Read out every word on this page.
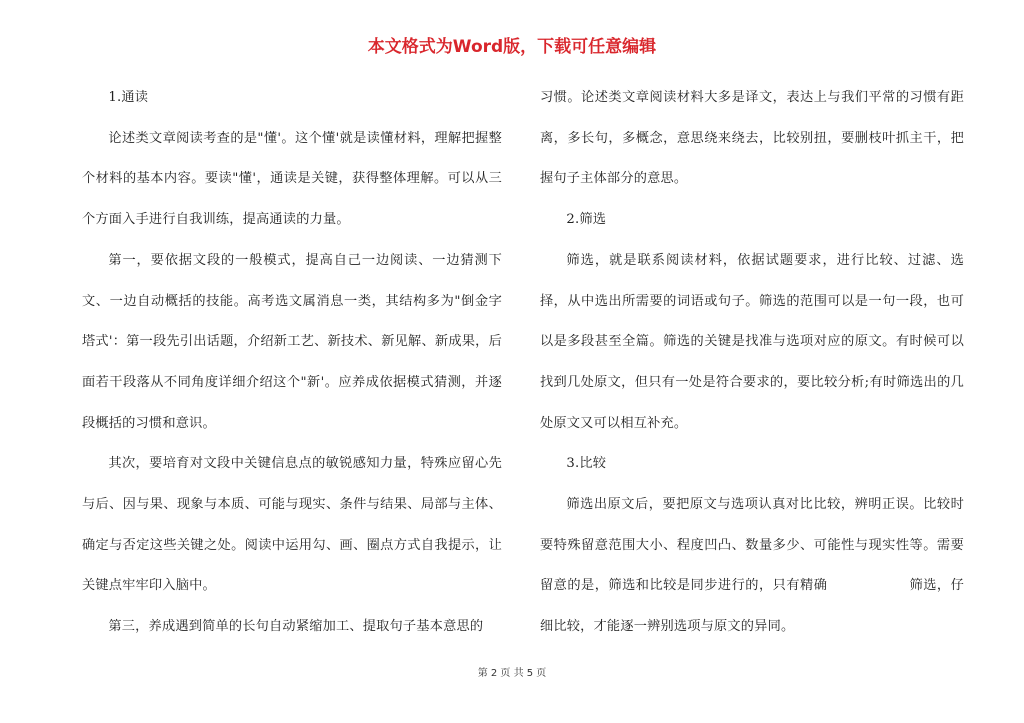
本文格式为Word版，下载可任意编辑

1.通读

论述类文章阅读考查的是"懂'。这个懂'就是读懂材料，理解把握整个材料的基本内容。要读"懂'，通读是关键，获得整体理解。可以从三个方面入手进行自我训练，提高通读的力量。

第一，要依据文段的一般模式，提高自己一边阅读、一边猜测下文、一边自动概括的技能。高考选文属消息一类，其结构多为"倒金字塔式'：第一段先引出话题，介绍新工艺、新技术、新见解、新成果，后面若干段落从不同角度详细介绍这个"新'。应养成依据模式猜测，并逐段概括的习惯和意识。

其次，要培育对文段中关键信息点的敏锐感知力量，特殊应留心先与后、因与果、现象与本质、可能与现实、条件与结果、局部与主体、确定与否定这些关键之处。阅读中运用勾、画、圈点方式自我提示，让关键点牢牢印入脑中。

第三，养成遇到简单的长句自动紧缩加工、提取句子基本意思的

习惯。论述类文章阅读材料大多是译文，表达上与我们平常的习惯有距离，多长句，多概念，意思绕来绕去，比较别扭，要删枝叶抓主干，把握句子主体部分的意思。

2.筛选

筛选，就是联系阅读材料，依据试题要求，进行比较、过滤、选择，从中选出所需要的词语或句子。筛选的范围可以是一句一段，也可以是多段甚至全篇。筛选的关键是找准与选项对应的原文。有时候可以找到几处原文，但只有一处是符合要求的，要比较分析;有时筛选出的几处原文又可以相互补充。

3.比较

筛选出原文后，要把原文与选项认真对比比较，辨明正误。比较时要特殊留意范围大小、程度凹凸、数量多少、可能性与现实性等。需要留意的是，筛选和比较是同步进行的，只有精确　　　　　　筛选，仔细比较，才能逐一辨别选项与原文的异同。

第 2 页 共 5 页
